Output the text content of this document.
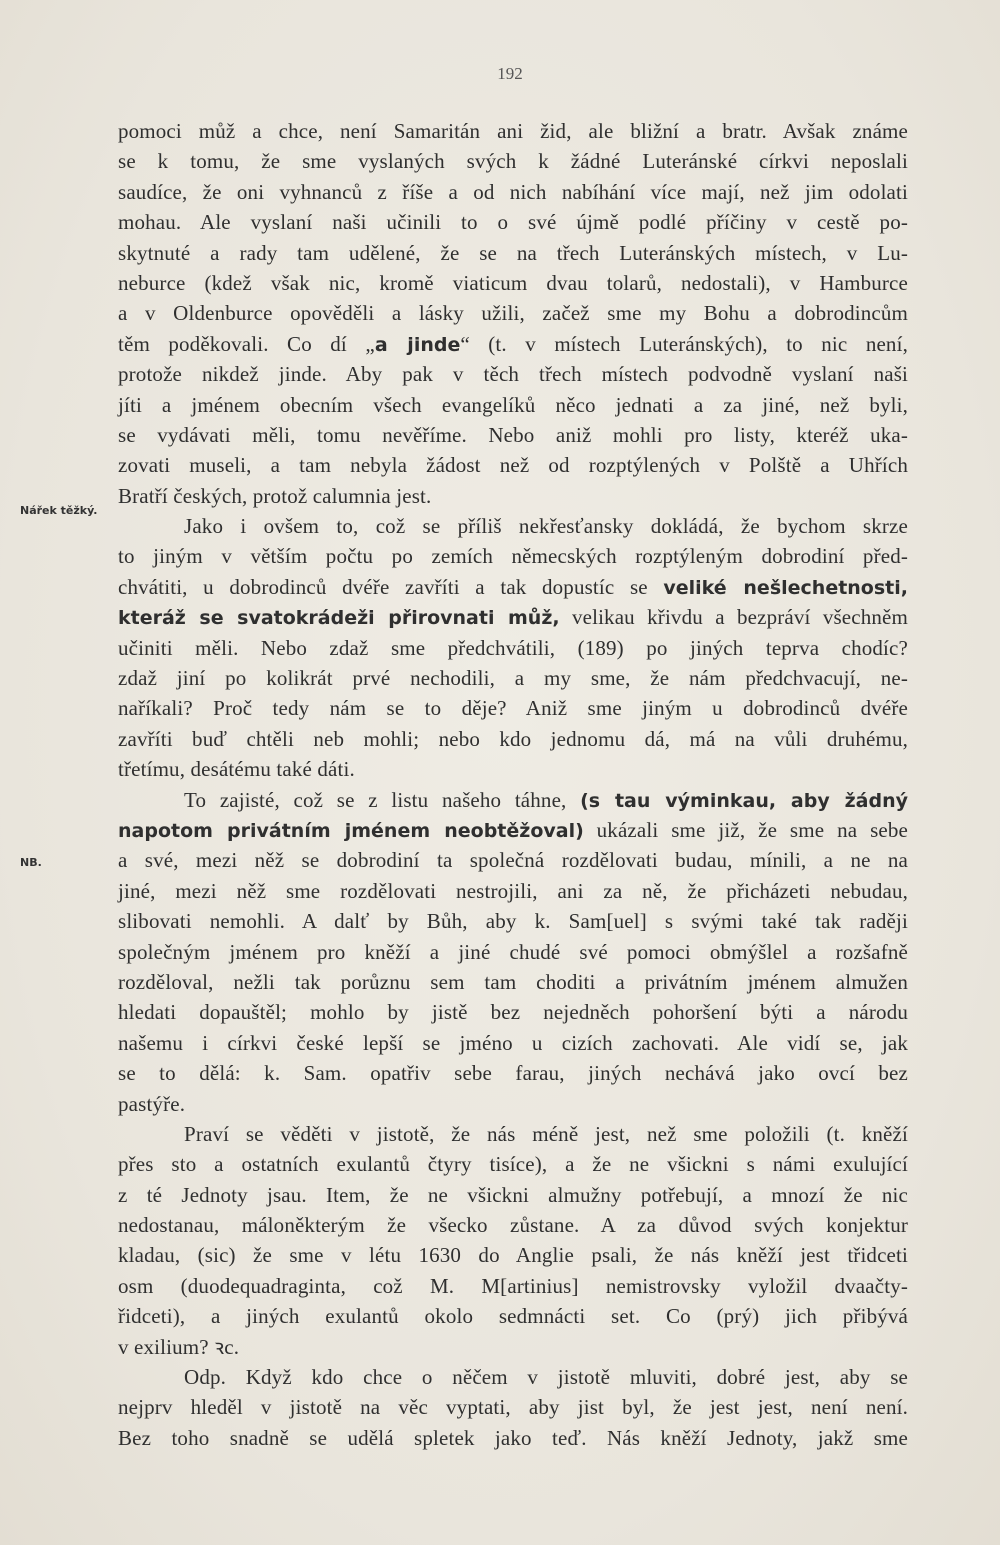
192
Nářek těžký.
NB.
pomoci můž a chce, není Samaritán ani žid, ale bližní a bratr. Avšak známe
se k tomu, že sme vyslaných svých k žádné Luteránské církvi neposlali
saudíce, že oni vyhnanců z říše a od nich nabíhání více mají, než jim odolati
mohau. Ale vyslaní naši učinili to o své újmě podlé příčiny v cestě po-
skytnuté a rady tam udělené, že se na třech Luteránských místech, v Lu-
neburce (kdež však nic, kromě viaticum dvau tolarů, nedostali), v Hamburce
a v Oldenburce opověděli a lásky užili, začež sme my Bohu a dobrodincům
těm poděkovali. Co dí „a jinde“ (t. v místech Luteránských), to nic není,
protože nikdež jinde. Aby pak v těch třech místech podvodně vyslaní naši
jíti a jménem obecním všech evangelíků něco jednati a za jiné, než byli,
se vydávati měli, tomu nevěříme. Nebo aniž mohli pro listy, kteréž uka-
zovati museli, a tam nebyla žádost než od rozptýlených v Polště a Uhřích
Bratří českých, protož calumnia jest.
Jako i ovšem to, což se příliš nekřesťansky dokládá, že bychom skrze
to jiným v větším počtu po zemích němecských rozptýleným dobrodiní před-
chvátiti, u dobrodinců dvéře zavříti a tak dopustíc se veliké nešlechetnosti,
kteráž se svatokrádeži přirovnati můž, velikau křivdu a bezpráví všechněm
učiniti měli. Nebo zdaž sme předchvátili, (189) po jiných teprva chodíc?
zdaž jiní po kolikrát prvé nechodili, a my sme, že nám předchvacují, ne-
naříkali? Proč tedy nám se to děje? Aniž sme jiným u dobrodinců dvéře
zavříti buď chtěli neb mohli; nebo kdo jednomu dá, má na vůli druhému,
třetímu, desátému také dáti.
To zajisté, což se z listu našeho táhne, (s tau výminkau, aby žádný
napotom privátním jménem neobtěžoval) ukázali sme již, že sme na sebe
a své, mezi něž se dobrodiní ta společná rozdělovati budau, mínili, a ne na
jiné, mezi něž sme rozdělovati nestrojili, ani za ně, že přicházeti nebudau,
slibovati nemohli. A dalť by Bůh, aby k. Sam[uel] s svými také tak raději
společným jménem pro kněží a jiné chudé své pomoci obmýšlel a rozšafně
rozděloval, nežli tak porůznu sem tam choditi a privátním jménem almužen
hledati dopauštěl; mohlo by jistě bez nejedněch pohoršení býti a národu
našemu i církvi české lepší se jméno u cizích zachovati. Ale vidí se, jak
se to dělá: k. Sam. opatřiv sebe farau, jiných nechává jako ovcí bez
pastýře.
Praví se věděti v jistotě, že nás méně jest, než sme položili (t. kněží
přes sto a ostatních exulantů čtyry tisíce), a že ne všickni s námi exulující
z té Jednoty jsau. Item, že ne všickni almužny potřebují, a mnozí že nic
nedostanau, máloněkterým že všecko zůstane. A za důvod svých konjektur
kladau, (sic) že sme v létu 1630 do Anglie psali, že nás kněží jest třidceti
osm (duodequadraginta, což M. M[artinius] nemistrovsky vyložil dvaačty-
řidceti), a jiných exulantů okolo sedmnácti set. Co (prý) jich přibývá
v exilium? ꝛc.
Odp. Když kdo chce o něčem v jistotě mluviti, dobré jest, aby se
nejprv hleděl v jistotě na věc vyptati, aby jist byl, že jest jest, není není.
Bez toho snadně se udělá spletek jako teď. Nás kněží Jednoty, jakž sme
